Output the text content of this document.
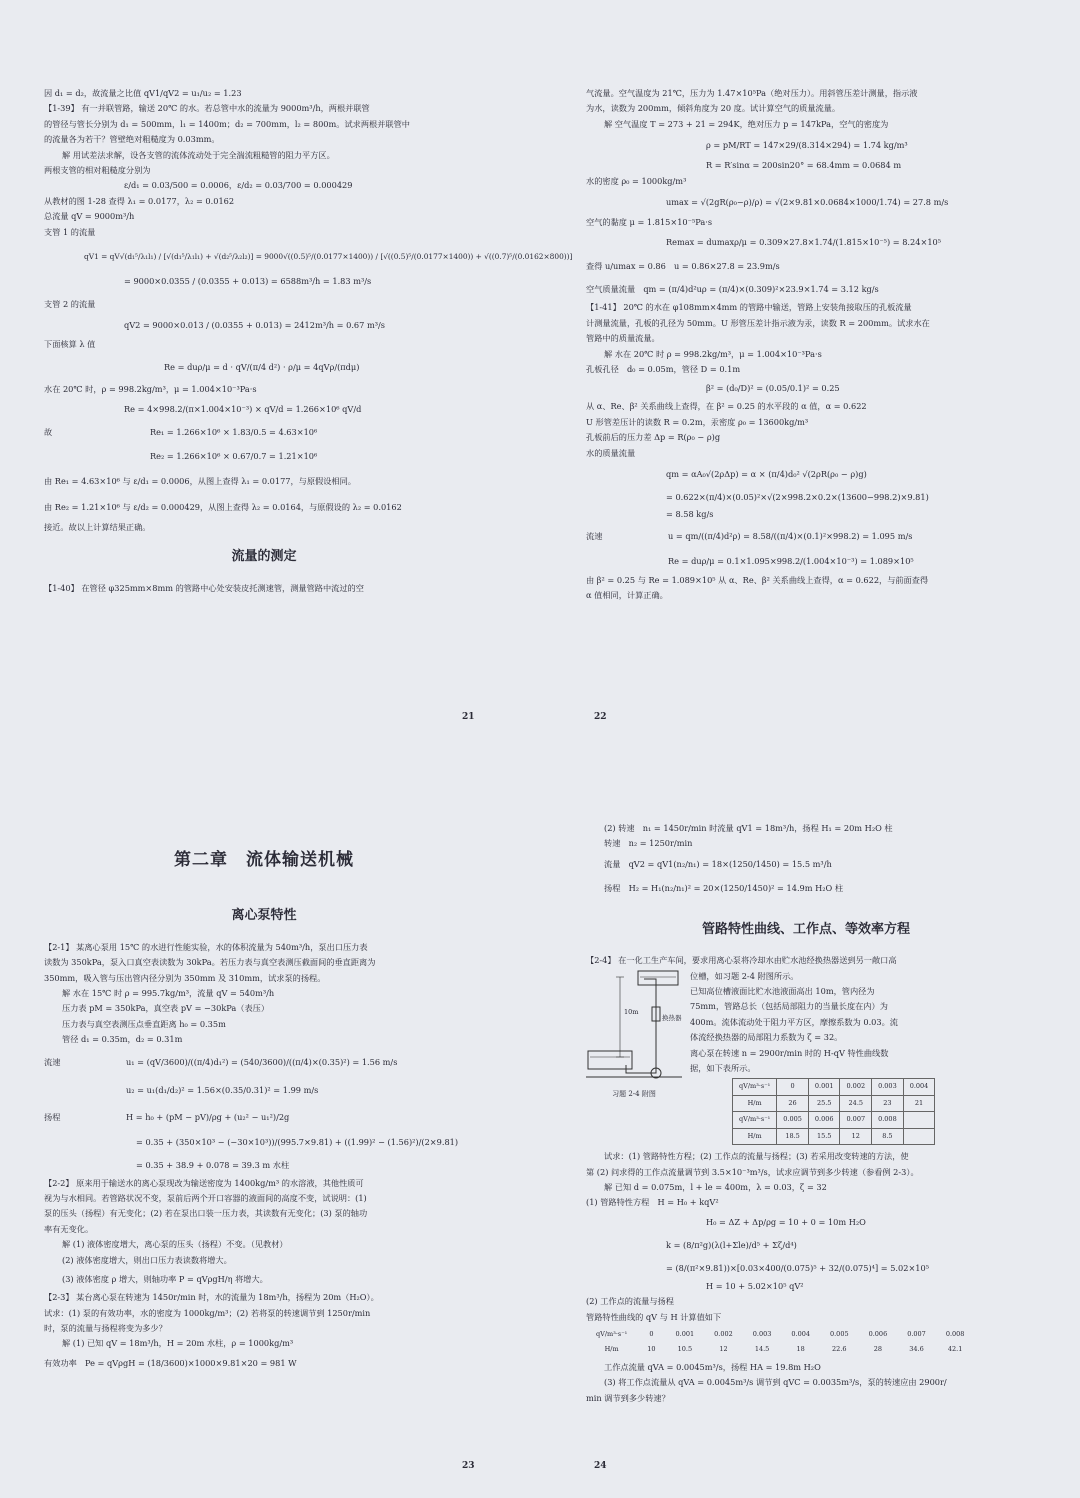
因 d₁ = d₂，故流量之比值 qV1/qV2 = u₁/u₂ = 1.23
【1-39】 有一并联管路，输送 20℃ 的水。若总管中水的流量为 9000m³/h，两根并联管
的管径与管长分别为 d₁ = 500mm，l₁ = 1400m；d₂ = 700mm，l₂ = 800m。试求两根并联管中
的流量各为若干？管壁绝对粗糙度为 0.03mm。
解 用试差法求解，设各支管的流体流动处于完全湍流粗糙管的阻力平方区。
两根支管的相对粗糙度分别为
ε/d₁ = 0.03/500 = 0.0006，ε/d₂ = 0.03/700 = 0.000429
从教材的图 1-28 查得 λ₁ = 0.0177，λ₂ = 0.0162
总流量 qV = 9000m³/h
支管 1 的流量
qV1 = qV√(d₁⁵/λ₁l₁) / [√(d₁⁵/λ₁l₁) + √(d₂⁵/λ₂l₂)] = 9000√((0.5)⁵/(0.0177×1400)) / [√((0.5)⁵/(0.0177×1400)) + √((0.7)⁵/(0.0162×800))]
= 9000×0.0355 / (0.0355 + 0.013) = 6588m³/h = 1.83 m³/s
支管 2 的流量
qV2 = 9000×0.013 / (0.0355 + 0.013) = 2412m³/h = 0.67 m³/s
下面核算 λ 值
Re = duρ/μ = d · qV/(π/4 d²) · ρ/μ = 4qVρ/(πdμ)
水在 20℃ 时，ρ = 998.2kg/m³，μ = 1.004×10⁻³Pa·s
Re = 4×998.2/(π×1.004×10⁻³) × qV/d = 1.266×10⁶ qV/d
故	Re₁ = 1.266×10⁶ × 1.83/0.5 = 4.63×10⁶
Re₂ = 1.266×10⁶ × 0.67/0.7 = 1.21×10⁶
由 Re₁ = 4.63×10⁶ 与 ε/d₁ = 0.0006，从图上查得 λ₁ = 0.0177，与原假设相同。
由 Re₂ = 1.21×10⁶ 与 ε/d₂ = 0.000429，从图上查得 λ₂ = 0.0164，与原假设的 λ₂ = 0.0162
接近。故以上计算结果正确。
流量的测定
【1-40】 在管径 φ325mm×8mm 的管路中心处安装皮托测速管，测量管路中流过的空
21
气流量。空气温度为 21℃，压力为 1.47×10⁵Pa（绝对压力）。用斜管压差计测量，指示液
为水，读数为 200mm，倾斜角度为 20 度。试计算空气的质量流量。
解 空气温度 T = 273 + 21 = 294K，绝对压力 p = 147kPa，空气的密度为
ρ = pM/RT = 147×29/(8.314×294) = 1.74 kg/m³
R = R′sinα = 200sin20° = 68.4mm = 0.0684 m
水的密度 ρ₀ = 1000kg/m³
umax = √(2gR(ρ₀−ρ)/ρ) = √(2×9.81×0.0684×1000/1.74) = 27.8 m/s
空气的黏度 μ = 1.815×10⁻⁵Pa·s
Remax = dumaxρ/μ = 0.309×27.8×1.74/(1.815×10⁻⁵) = 8.24×10⁵
查得 u/umax = 0.86　u = 0.86×27.8 = 23.9m/s
空气质量流量　qm = (π/4)d²uρ = (π/4)×(0.309)²×23.9×1.74 = 3.12 kg/s
【1-41】 20℃ 的水在 φ108mm×4mm 的管路中输送，管路上安装角接取压的孔板流量
计测量流量，孔板的孔径为 50mm。U 形管压差计指示液为汞，读数 R = 200mm。试求水在
管路中的质量流量。
解 水在 20℃ 时 ρ = 998.2kg/m³，μ = 1.004×10⁻³Pa·s
孔板孔径　d₀ = 0.05m，管径 D = 0.1m
β² = (d₀/D)² = (0.05/0.1)² = 0.25
从 α、Re、β² 关系曲线上查得，在 β² = 0.25 的水平段的 α 值，α = 0.622
U 形管差压计的读数 R = 0.2m，汞密度 ρ₀ = 13600kg/m³
孔板前后的压力差 Δp = R(ρ₀ − ρ)g
水的质量流量
qm = αA₀√(2ρΔp) = α × (π/4)d₀² √(2ρR(ρ₀ − ρ)g)
= 0.622×(π/4)×(0.05)²×√(2×998.2×0.2×(13600−998.2)×9.81)
= 8.58 kg/s
流速	u = qm/((π/4)d²ρ) = 8.58/((π/4)×(0.1)²×998.2) = 1.095 m/s
Re = duρ/μ = 0.1×1.095×998.2/(1.004×10⁻³) = 1.089×10⁵
由 β² = 0.25 与 Re = 1.089×10⁵ 从 α、Re、β² 关系曲线上查得，α = 0.622，与前面查得
α 值相同，计算正确。
22
第二章　流体输送机械
离心泵特性
【2-1】 某离心泵用 15℃ 的水进行性能实验，水的体积流量为 540m³/h，泵出口压力表
读数为 350kPa，泵入口真空表读数为 30kPa。若压力表与真空表测压截面间的垂直距离为
350mm，吸入管与压出管内径分别为 350mm 及 310mm，试求泵的扬程。
解 水在 15℃ 时 ρ = 995.7kg/m³，流量 qV = 540m³/h
压力表 pM = 350kPa，真空表 pV = −30kPa（表压）
压力表与真空表测压点垂直距离 h₀ = 0.35m
管径 d₁ = 0.35m，d₂ = 0.31m
流速	u₁ = (qV/3600)/((π/4)d₁²) = (540/3600)/((π/4)×(0.35)²) = 1.56 m/s
u₂ = u₁(d₁/d₂)² = 1.56×(0.35/0.31)² = 1.99 m/s
扬程	H = h₀ + (pM − pV)/ρg + (u₂² − u₁²)/2g
= 0.35 + (350×10³ − (−30×10³))/(995.7×9.81) + ((1.99)² − (1.56)²)/(2×9.81)
= 0.35 + 38.9 + 0.078 = 39.3 m 水柱
【2-2】 原来用于输送水的离心泵现改为输送密度为 1400kg/m³ 的水溶液，其他性质可
视为与水相同。若管路状况不变，泵前后两个开口容器的液面间的高度不变，试说明：(1)
泵的压头（扬程）有无变化；(2) 若在泵出口装一压力表，其读数有无变化；(3) 泵的轴功
率有无变化。
解 (1) 液体密度增大，离心泵的压头（扬程）不变。（见教材）
(2) 液体密度增大，则出口压力表读数将增大。
(3) 液体密度 ρ 增大，则轴功率 P = qVρgH/η 将增大。
【2-3】 某台离心泵在转速为 1450r/min 时，水的流量为 18m³/h，扬程为 20m（H₂O）。
试求：(1) 泵的有效功率，水的密度为 1000kg/m³；(2) 若将泵的转速调节到 1250r/min
时，泵的流量与扬程将变为多少？
解 (1) 已知 qV = 18m³/h，H = 20m 水柱，ρ = 1000kg/m³
有效功率　Pe = qVρgH = (18/3600)×1000×9.81×20 = 981 W
23
(2) 转速　n₁ = 1450r/min 时流量 qV1 = 18m³/h，扬程 H₁ = 20m H₂O 柱
转速　n₂ = 1250r/min
流量　qV2 = qV1(n₂/n₁) = 18×(1250/1450) = 15.5 m³/h
扬程　H₂ = H₁(n₂/n₁)² = 20×(1250/1450)² = 14.9m H₂O 柱
管路特性曲线、工作点、等效率方程
【2-4】 在一化工生产车间，要求用离心泵将冷却水由贮水池经换热器送到另一敞口高
10m
换热器
习题 2-4 附图
位槽，如习题 2-4 附图所示。
已知高位槽液面比贮水池液面高出 10m，管内径为
75mm，管路总长（包括局部阻力的当量长度在内）为
400m。流体流动处于阻力平方区，摩擦系数为 0.03。流
体流经换热器的局部阻力系数为 ζ = 32。
离心泵在转速 n = 2900r/min 时的 H-qV 特性曲线数
据，如下表所示。
qV/m³·s⁻¹	0	0.001	0.002	0.003	0.004
H/m	26	25.5	24.5	23	21
qV/m³·s⁻¹	0.005	0.006	0.007	0.008	
H/m	18.5	15.5	12	8.5	
试求：(1) 管路特性方程；(2) 工作点的流量与扬程；(3) 若采用改变转速的方法，使
第 (2) 问求得的工作点流量调节到 3.5×10⁻³m³/s，试求应调节到多少转速（参看例 2-3）。
解 已知 d = 0.075m，l + le = 400m，λ = 0.03，ζ = 32
(1) 管路特性方程　H = H₀ + kqV²
H₀ = ΔZ + Δp/ρg = 10 + 0 = 10m H₂O
k = (8/π²g)(λ(l+Σle)/d⁵ + Σζ/d⁴)
= (8/(π²×9.81))×[0.03×400/(0.075)⁵ + 32/(0.075)⁴] = 5.02×10⁵
H = 10 + 5.02×10⁵ qV²
(2) 工作点的流量与扬程
管路特性曲线的 qV 与 H 计算值如下
qV/m³·s⁻¹	0	0.001	0.002	0.003	0.004	0.005	0.006	0.007	0.008
H/m	10	10.5	12	14.5	18	22.6	28	34.6	42.1
工作点流量 qVA = 0.0045m³/s，扬程 HA = 19.8m H₂O
(3) 将工作点流量从 qVA = 0.0045m³/s 调节到 qVC = 0.0035m³/s，泵的转速应由 2900r/
min 调节到多少转速？
24
